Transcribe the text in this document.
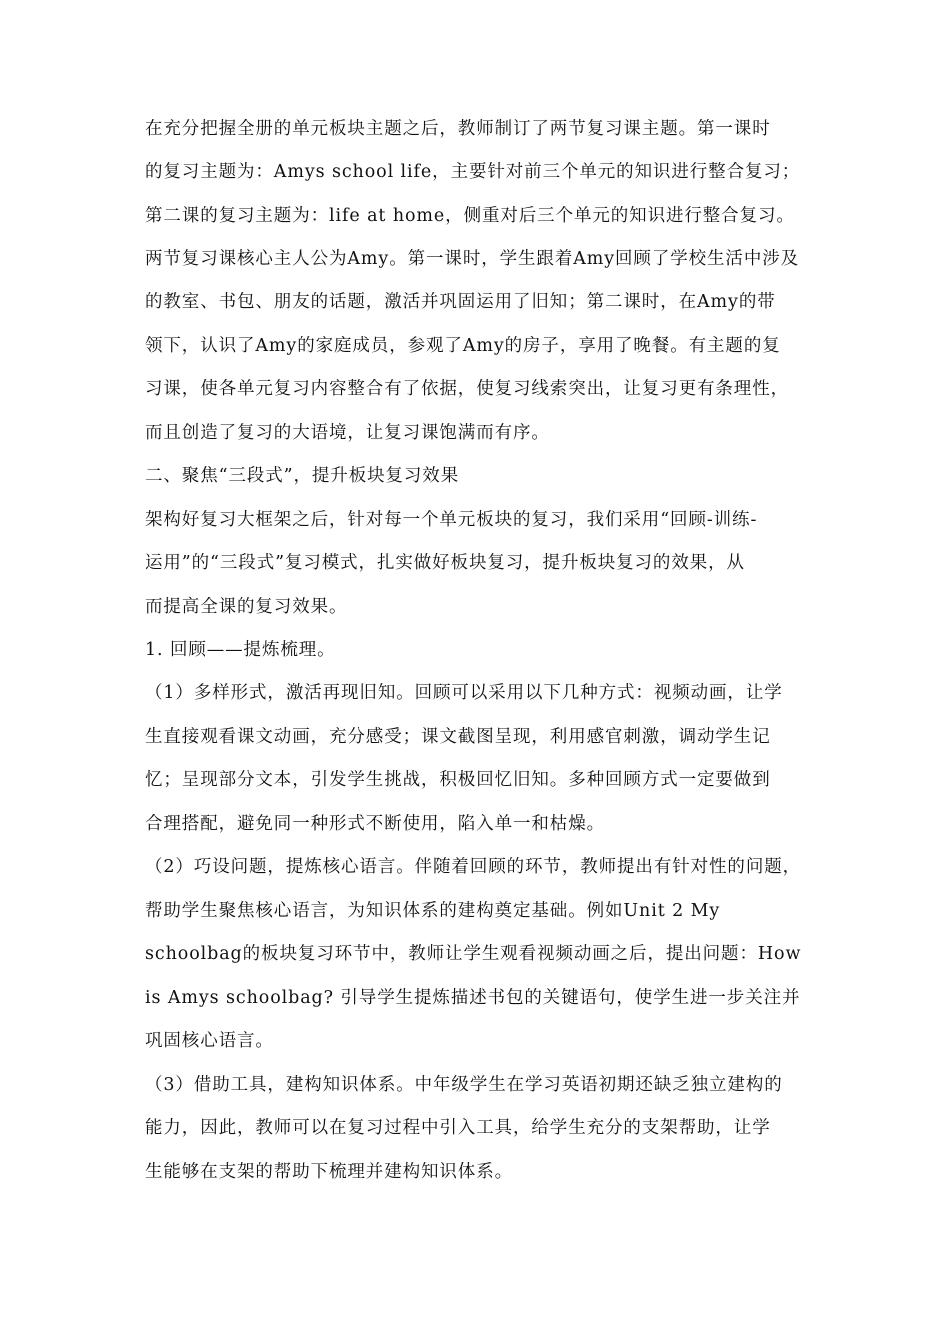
在充分把握全册的单元板块主题之后，教师制订了两节复习课主题。第一课时
的复习主题为：Amys school life，主要针对前三个单元的知识进行整合复习；
第二课的复习主题为：life at home，侧重对后三个单元的知识进行整合复习。
两节复习课核心主人公为Amy。第一课时，学生跟着Amy回顾了学校生活中涉及
的教室、书包、朋友的话题，激活并巩固运用了旧知；第二课时，在Amy的带
领下，认识了Amy的家庭成员，参观了Amy的房子，享用了晚餐。有主题的复
习课，使各单元复习内容整合有了依据，使复习线索突出，让复习更有条理性，
而且创造了复习的大语境，让复习课饱满而有序。
二、聚焦“三段式”，提升板块复习效果
架构好复习大框架之后，针对每一个单元板块的复习，我们采用“回顾-训练-
运用”的“三段式”复习模式，扎实做好板块复习，提升板块复习的效果，从
而提高全课的复习效果。
1. 回顾——提炼梳理。
（1）多样形式，激活再现旧知。回顾可以采用以下几种方式：视频动画，让学
生直接观看课文动画，充分感受；课文截图呈现，利用感官刺激，调动学生记
忆；呈现部分文本，引发学生挑战，积极回忆旧知。多种回顾方式一定要做到
合理搭配，避免同一种形式不断使用，陷入单一和枯燥。
（2）巧设问题，提炼核心语言。伴随着回顾的环节，教师提出有针对性的问题，
帮助学生聚焦核心语言，为知识体系的建构奠定基础。例如Unit 2 My
schoolbag的板块复习环节中，教师让学生观看视频动画之后，提出问题：How
is Amys schoolbag? 引导学生提炼描述书包的关键语句，使学生进一步关注并
巩固核心语言。
（3）借助工具，建构知识体系。中年级学生在学习英语初期还缺乏独立建构的
能力，因此，教师可以在复习过程中引入工具，给学生充分的支架帮助，让学
生能够在支架的帮助下梳理并建构知识体系。
